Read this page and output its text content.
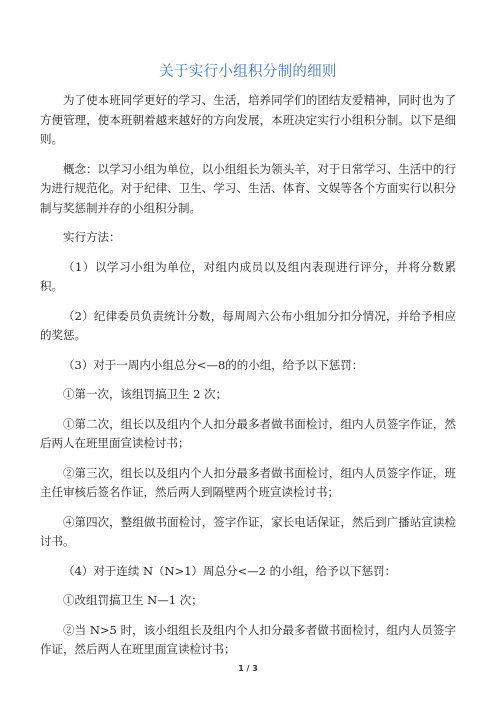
关于实行小组积分制的细则

为了使本班同学更好的学习、生活，培养同学们的团结友爱精神，同时也为了方便管理，使本班朝着越来越好的方向发展，本班决定实行小组积分制。以下是细则。

概念：以学习小组为单位，以小组组长为领头羊，对于日常学习、生活中的行为进行规范化。对于纪律、卫生、学习、生活、体育、文娱等各个方面实行以积分制与奖惩制并存的小组积分制。

实行方法：

（1）以学习小组为单位，对组内成员以及组内表现进行评分，并将分数累积。

（2）纪律委员负责统计分数，每周周六公布小组加分扣分情况，并给予相应的奖惩。

（3）对于一周内小组总分<—8的的小组，给予以下惩罚：

①第一次，该组罚搞卫生 2 次；

①第二次，组长以及组内个人扣分最多者做书面检讨，组内人员签字作证，然后两人在班里面宣读检讨书；

②第三次，组长以及组内个人扣分最多者做书面检讨，组内人员签字作证，班主任审核后签名作证，然后两人到隔壁两个班宣读检讨书；

④第四次，整组做书面检讨，签字作证，家长电话保证，然后到广播站宣读检讨书。

（4）对于连续 N（N>1）周总分<—2 的小组，给予以下惩罚：

①改组罚搞卫生 N—1 次；

②当 N>5 时，该小组组长及组内个人扣分最多者做书面检讨，组内人员签字作证，然后两人在班里面宣读检讨书；

1 / 3
